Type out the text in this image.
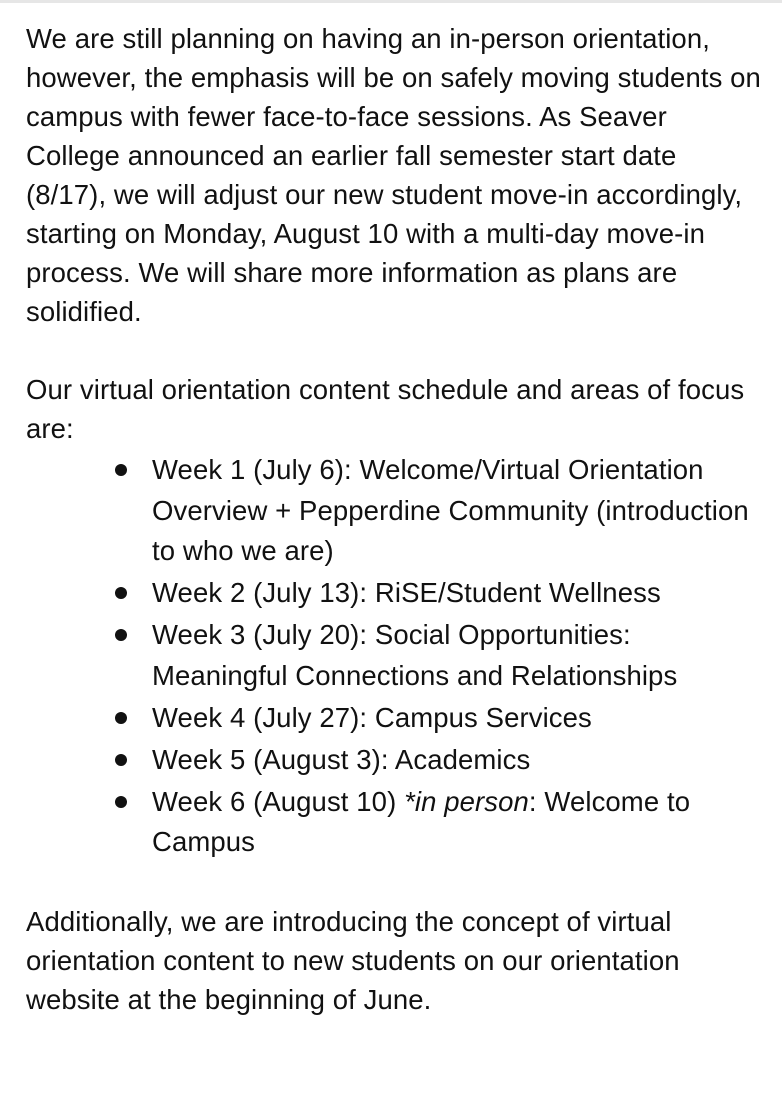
We are still planning on having an in-person orientation, however, the emphasis will be on safely moving students on campus with fewer face-to-face sessions. As Seaver College announced an earlier fall semester start date (8/17), we will adjust our new student move-in accordingly, starting on Monday, August 10 with a multi-day move-in process. We will share more information as plans are solidified.

Our virtual orientation content schedule and areas of focus are:

Week 1 (July 6): Welcome/Virtual Orientation Overview + Pepperdine Community (introduction to who we are)
Week 2 (July 13): RiSE/Student Wellness
Week 3 (July 20): Social Opportunities: Meaningful Connections and Relationships
Week 4 (July 27): Campus Services
Week 5 (August 3): Academics
Week 6 (August 10) *in person: Welcome to Campus

Additionally, we are introducing the concept of virtual orientation content to new students on our orientation website at the beginning of June.
